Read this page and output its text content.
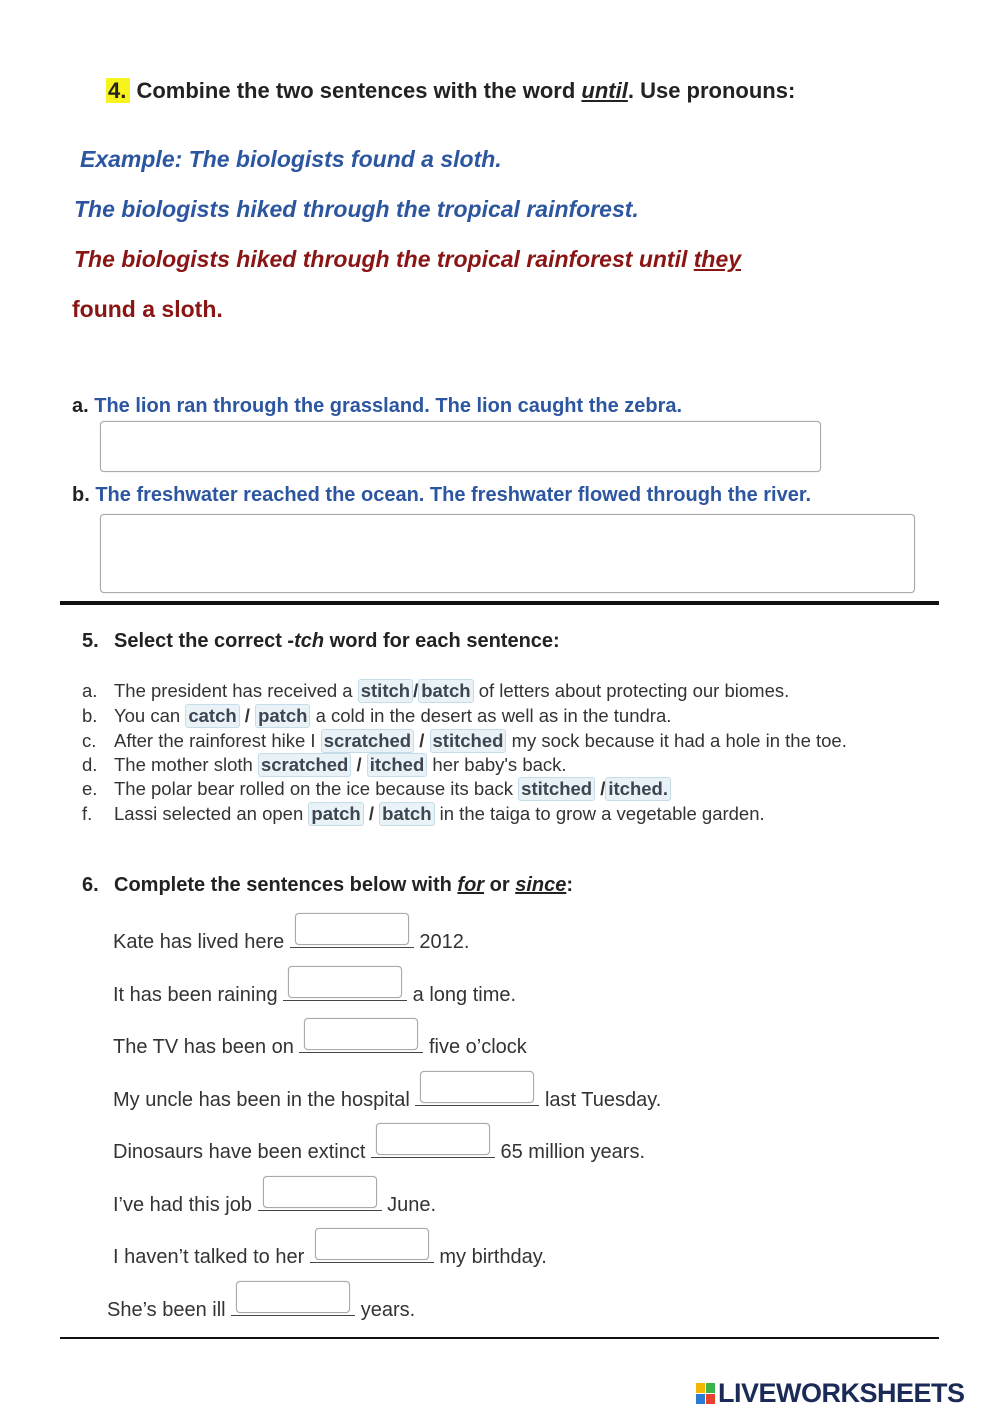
4. Combine the two sentences with the word until. Use pronouns:
Example: The biologists found a sloth.
The biologists hiked through the tropical rainforest.
The biologists hiked through the tropical rainforest until they
found a sloth.
a. The lion ran through the grassland. The lion caught the zebra.
b. The freshwater reached the ocean. The freshwater flowed through the river.
5. Select the correct -tch word for each sentence:
a. The president has received a stitch / batch of letters about protecting our biomes.
b. You can catch / patch a cold in the desert as well as in the tundra.
c. After the rainforest hike I scratched / stitched my sock because it had a hole in the toe.
d. The mother sloth scratched / itched her baby's back.
e. The polar bear rolled on the ice because its back stitched / itched.
f. Lassi selected an open patch / batch in the taiga to grow a vegetable garden.
6. Complete the sentences below with for or since:
Kate has lived here	2012.
It has been raining	a long time.
The TV has been on	five o’clock
My uncle has been in the hospital	last Tuesday.
Dinosaurs have been extinct	65 million years.
I’ve had this job	June.
I haven’t talked to her	my birthday.
She’s been ill	years.
LIVEWORKSHEETS
